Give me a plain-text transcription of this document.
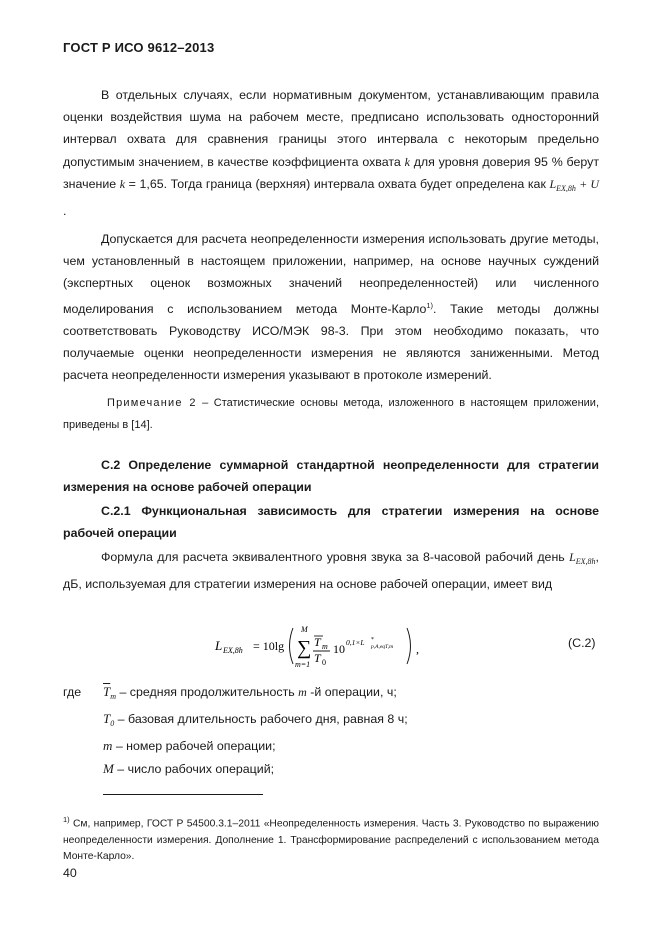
ГОСТ Р ИСО 9612–2013
В отдельных случаях, если нормативным документом, устанавливающим правила оценки воздействия шума на рабочем месте, предписано использовать односторонний интервал охвата для сравнения границы этого интервала с некоторым предельно допустимым значением, в качестве коэффициента охвата k для уровня доверия 95 % берут значение k = 1,65. Тогда граница (верхняя) интервала охвата будет определена как $L_{EX,8h} + U$ .
Допускается для расчета неопределенности измерения использовать другие методы, чем установленный в настоящем приложении, например, на основе научных суждений (экспертных оценок возможных значений неопределенностей) или численного моделирования с использованием метода Монте-Карло$^{1)}$. Такие методы должны соответствовать Руководству ИСО/МЭК 98-3. При этом необходимо показать, что получаемые оценки неопределенности измерения не являются заниженными. Метод расчета неопределенности измерения указывают в протоколе измерений.
Примечание 2 – Статистические основы метода, изложенного в настоящем приложении, приведены в [14].
C.2 Определение суммарной стандартной неопределенности для стратегии измерения на основе рабочей операции
C.2.1 Функциональная зависимость для стратегии измерения на основе рабочей операции
Формула для расчета эквивалентного уровня звука за 8-часовой рабочий день $L_{EX,8h}$, дБ, используемая для стратегии измерения на основе рабочей операции, имеет вид
L EX,8h = 10lg
M
∑
m=1
T m
T 0
10 0,1×L *
p,A,eqT,m ,	(С.2)
где $\overline{T}_m$ – средняя продолжительность m -й операции, ч;
$T_0$ – базовая длительность рабочего дня, равная 8 ч;
m – номер рабочей операции;
M – число рабочих операций;
$^{1)}$ См, например, ГОСТ Р 54500.3.1–2011 «Неопределенность измерения. Часть 3. Руководство по выражению неопределенности измерения. Дополнение 1. Трансформирование распределений с использованием метода Монте-Карло».
40
